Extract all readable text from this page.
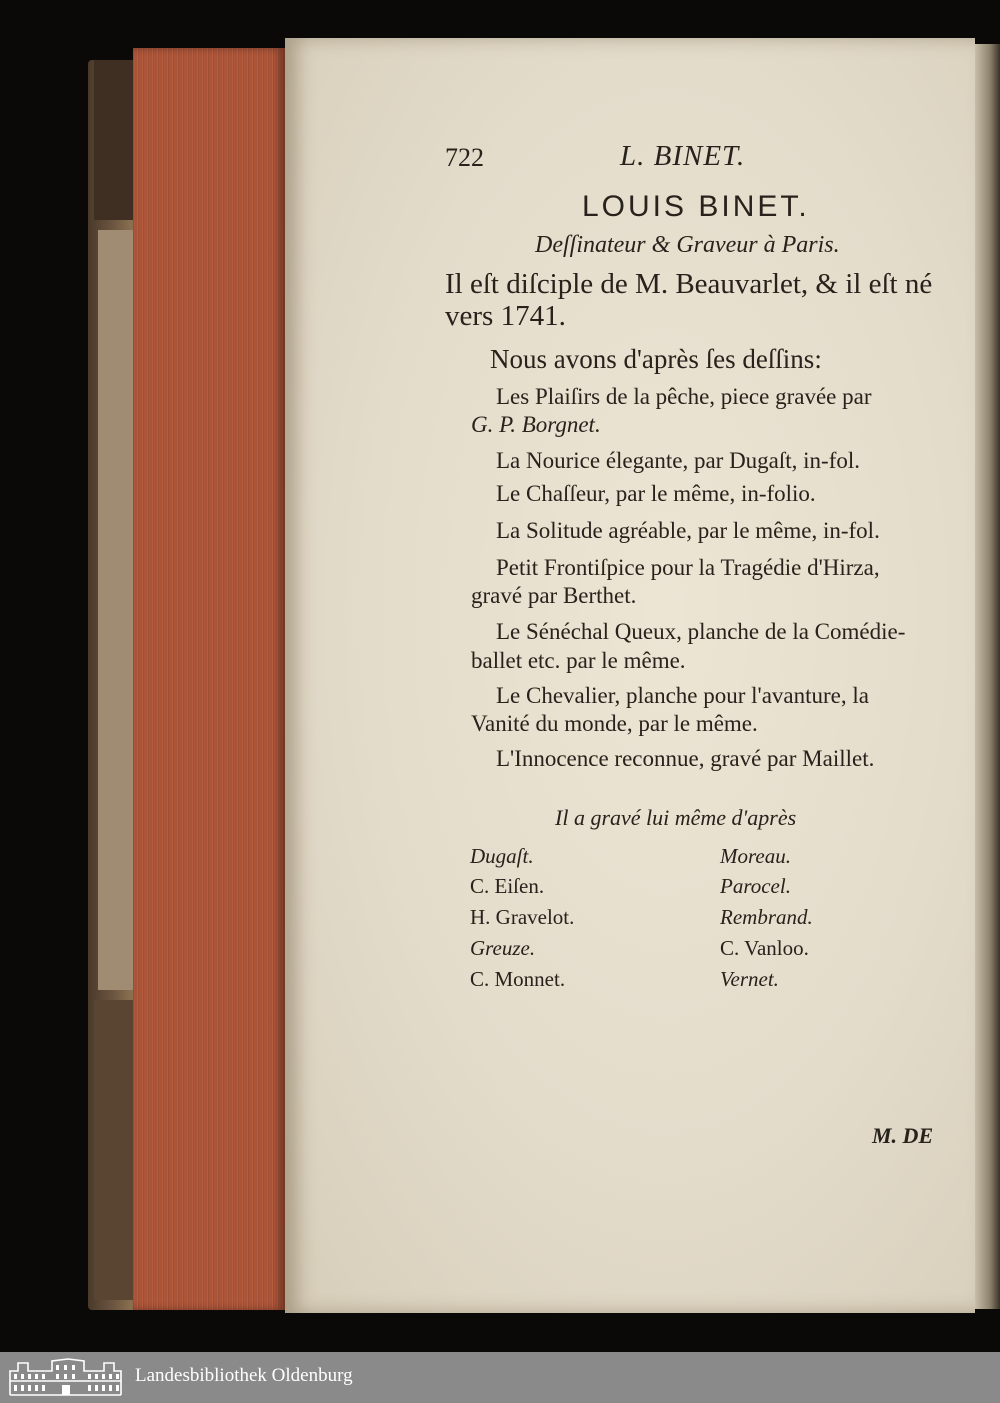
722	L. BINET.
LOUIS BINET.
Deſſinateur & Graveur à Paris.
Il eſt diſciple de M. Beauvarlet, & il eſt né
vers 1741.
Nous avons d'après ſes deſſins:
Les Plaiſirs de la pêche, piece gravée par
G. P. Borgnet.
La Nourice élegante, par Dugaſt, in-fol.
Le Chaſſeur, par le même, in-folio.
La Solitude agréable, par le même, in-fol.
Petit Frontiſpice pour la Tragédie d'Hirza,
gravé par Berthet.
Le Sénéchal Queux, planche de la Comédie-
ballet etc. par le même.
Le Chevalier, planche pour l'avanture, la
Vanité du monde, par le même.
L'Innocence reconnue, gravé par Maillet.
Il a gravé lui même d'après
Dugaſt.
C. Eiſen.
H. Gravelot.
Greuze.
C. Monnet.
Moreau.
Parocel.
Rembrand.
C. Vanloo.
Vernet.
M. DE
Landesbibliothek Oldenburg
